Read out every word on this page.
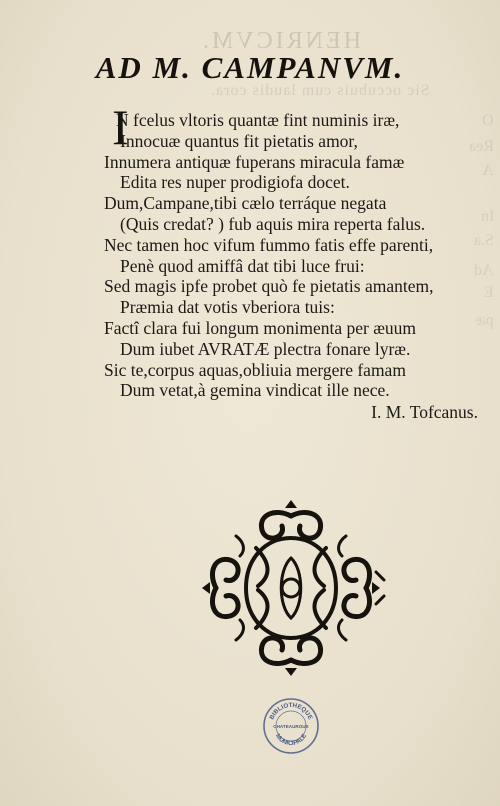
HENRICVM.
Sic occubuis cum laudis cora.
O
Rea
A
In
S.a
Ad
E
pæ
AD M. CAMPANVM.
I
N fcelus vltoris quantæ fint numinis iræ,
Innocuæ quantus fit pietatis amor,
Innumera antiquæ fuperans miracula famæ
Edita res nuper prodigiofa docet.
Dum,Campane,tibi cælo terráque negata
(Quis credat? ) fub aquis mira reperta falus.
Nec tamen hoc vifum fummo fatis effe parenti,
Penè quod amiffâ dat tibi luce frui:
Sed magis ipfe probet quò fe pietatis amantem,
Præmia dat votis vberiora tuis:
Factî clara fui longum monimenta per æuum
Dum iubet AVRATÆ plectra fonare lyræ.
Sic te,corpus aquas,obliuia mergere famam
Dum vetat,à gemina vindicat ille nece.
I. M. Tofcanus.
BIBLIOTHEQUE
CHATEAUROUX
MUNICIPALE
